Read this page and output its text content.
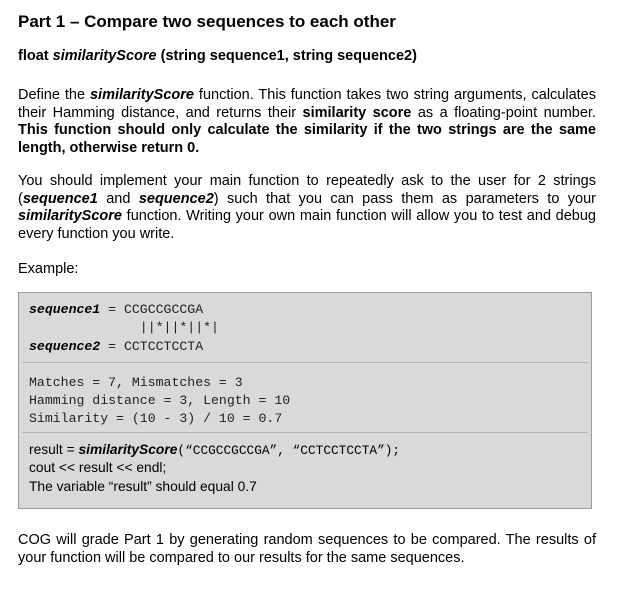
Part 1 – Compare two sequences to each other

float similarityScore (string sequence1, string sequence2)

Define the similarityScore function. This function takes two string arguments, calculates their Hamming distance, and returns their similarity score as a floating-point number. This function should only calculate the similarity if the two strings are the same length, otherwise return 0.

You should implement your main function to repeatedly ask to the user for 2 strings (sequence1 and sequence2) such that you can pass them as parameters to your similarityScore function. Writing your own main function will allow you to test and debug every function you write.

Example:

sequence1 = CCGCCGCCGA

||*||*||*|

sequence2 = CCTCCTCCTA

Matches = 7, Mismatches = 3

Hamming distance = 3, Length = 10

Similarity = (10 - 3) / 10 = 0.7

result = similarityScore(“CCGCCGCCGA”, “CCTCCTCCTA”);

cout << result << endl;

The variable “result” should equal 0.7

COG will grade Part 1 by generating random sequences to be compared. The results of your function will be compared to our results for the same sequences.
